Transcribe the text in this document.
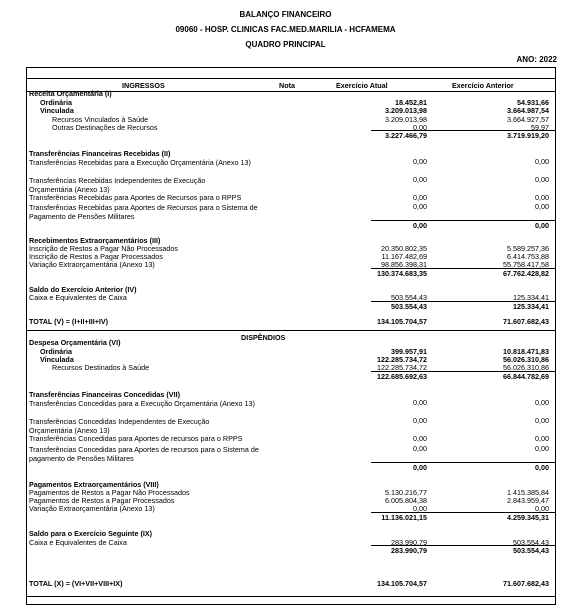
BALANÇO FINANCEIRO
09060 - HOSP. CLINICAS FAC.MED.MARILIA - HCFAMEMA
QUADRO PRINCIPAL
ANO: 2022
INGRESSOS	Nota	Exercício Atual	Exercício Anterior
DISPÊNDIOS
Receita Orçamentária (I)
Ordinária	18.452,81	54.931,66
Vinculada	3.209.013,98	3.664.987,54
Recursos Vinculados à Saúde	3.209.013,98	3.664.927,57
Outras Destinações de Recursos	0,00	59,97
3.227.466,79	3.719.919,20
Transferências Financeiras Recebidas (II)
Transferências Recebidas para a Execução Orçamentária (Anexo 13)	0,00	0,00
Transferências Recebidas Independentes de Execução Orçamentária (Anexo 13)
0,00	0,00
Transferências Recebidas para Aportes de Recursos para o RPPS	0,00	0,00
Transferências Recebidas para Aportes de Recursos para o Sistema de Pagamento de Pensões Militares
0,00	0,00
0,00	0,00
Recebimentos Extraorçamentários (III)
Inscrição de Restos a Pagar Não Processados	20.350.802,35	5.589.257,36
Inscrição de Restos a Pagar Processados	11.167.482,69	6.414.753,88
Variação Extraorçamentária (Anexo 13)	98.856.398,31	55.758.417,58
130.374.683,35	67.762.428,82
Saldo do Exercício Anterior (IV)
Caixa e Equivalentes de Caixa	503.554,43	125.334,41
503.554,43	125.334,41
TOTAL (V) = (I+II+III+IV)	134.105.704,57	71.607.682,43
Despesa Orçamentária (VI)
Ordinária	399.957,91	10.818.471,83
Vinculada	122.285.734,72	56.026.310,86
Recursos Destinados à Saúde	122.285.734,72	56.026.310,86
122.685.692,63	66.844.782,69
Transferências Financeiras Concedidas (VII)
Transferências Concedidas para a Execução Orçamentária (Anexo 13)	0,00	0,00
Transferências Concedidas Independentes de Execução Orçamentária (Anexo 13)
0,00	0,00
Transferências Concedidas para Aportes de recursos para o RPPS	0,00	0,00
Transferências Concedidas para Aportes de recursos para o Sistema de pagamento de Pensões Militares
0,00	0,00
0,00	0,00
Pagamentos Extraorçamentários (VIII)
Pagamentos de Restos a Pagar Não Processados	5.130.216,77	1.415.385,84
Pagamentos de Restos a Pagar Processados	6.005.804,38	2.843.959,47
Variação Extraorçamentária (Anexo 13)	0,00	0,00
11.136.021,15	4.259.345,31
Saldo para o Exercício Seguinte (IX)
Caixa e Equivalentes de Caixa	283.990,79	503.554,43
283.990,79	503.554,43
TOTAL (X) = (VI+VII+VIII+IX)	134.105.704,57	71.607.682,43
